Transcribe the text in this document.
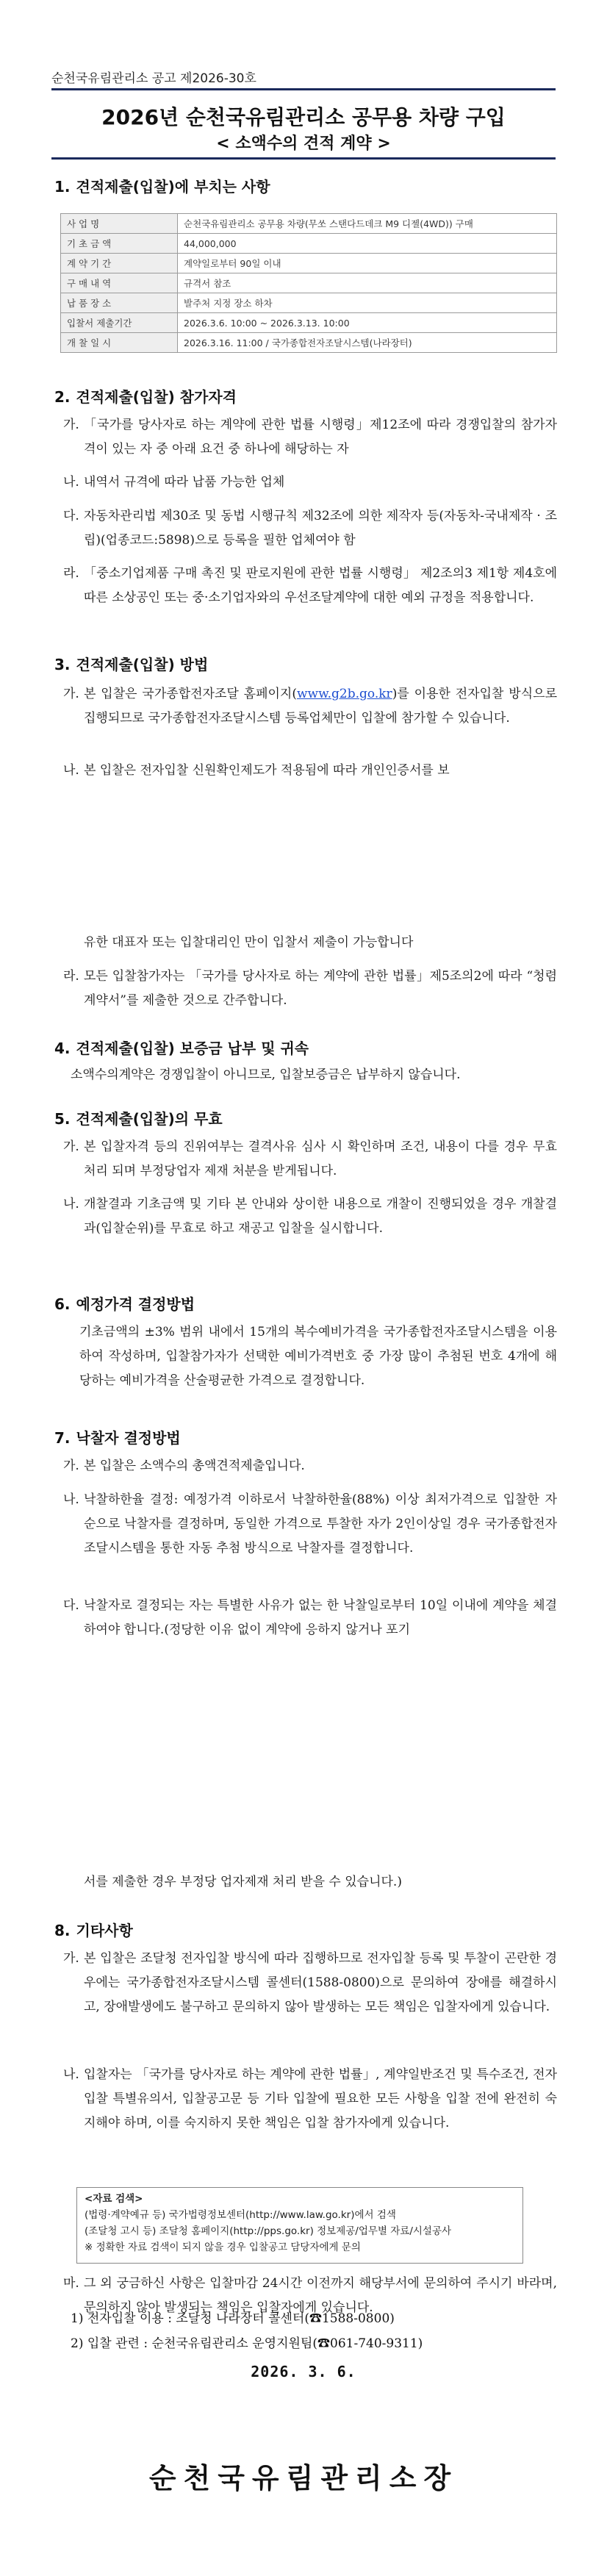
순천국유림관리소 공고 제2026-30호
2026년 순천국유림관리소 공무용 차량 구입
< 소액수의 견적 계약 >
1. 견적제출(입찰)에 부치는 사항
사 업 명	순천국유림관리소 공무용 차량(무쏘 스탠다드데크 M9 디젤(4WD)) 구매
기 초 금 액	44,000,000
계 약 기 간	계약일로부터 90일 이내
구 매 내 역	규격서 참조
납 품 장 소	발주처 지정 장소 하차
입찰서 제출기간	2026.3.6. 10:00 ~ 2026.3.13. 10:00
개 찰 일 시	2026.3.16. 11:00 / 국가종합전자조달시스템(나라장터)
2. 견적제출(입찰) 참가자격
가. 「국가를 당사자로 하는 계약에 관한 법률 시행령」제12조에 따라 경쟁입찰의 참가자격이 있는 자 중 아래 요건 중 하나에 해당하는 자
나. 내역서 규격에 따라 납품 가능한 업체
다. 자동차관리법 제30조 및 동법 시행규칙 제32조에 의한 제작자 등(자동차-국내제작 · 조립)(업종코드:5898)으로 등록을 필한 업체여야 함
라. 「중소기업제품 구매 촉진 및 판로지원에 관한 법률 시행령」 제2조의3 제1항 제4호에 따른 소상공인 또는 중·소기업자와의 우선조달계약에 대한 예외 규정을 적용합니다.
3. 견적제출(입찰) 방법
가. 본 입찰은 국가종합전자조달 홈페이지(www.g2b.go.kr)를 이용한 전자입찰 방식으로 집행되므로 국가종합전자조달시스템 등록업체만이 입찰에 참가할 수 있습니다.
나. 본 입찰은 전자입찰 신원확인제도가 적용됨에 따라 개인인증서를 보
유한 대표자 또는 입찰대리인 만이 입찰서 제출이 가능합니다
라. 모든 입찰참가자는 「국가를 당사자로 하는 계약에 관한 법률」제5조의2에 따라 “청렴계약서”를 제출한 것으로 간주합니다.
4. 견적제출(입찰) 보증금 납부 및 귀속
소액수의계약은 경쟁입찰이 아니므로, 입찰보증금은 납부하지 않습니다.
5. 견적제출(입찰)의 무효
가. 본 입찰자격 등의 진위여부는 결격사유 심사 시 확인하며 조건, 내용이 다를 경우 무효 처리 되며 부정당업자 제재 처분을 받게됩니다.
나. 개찰결과 기초금액 및 기타 본 안내와 상이한 내용으로 개찰이 진행되었을 경우 개찰결과(입찰순위)를 무효로 하고 재공고 입찰을 실시합니다.
6. 예정가격 결정방법
기초금액의 ±3% 범위 내에서 15개의 복수예비가격을 국가종합전자조달시스템을 이용하여 작성하며, 입찰참가자가 선택한 예비가격번호 중 가장 많이 추첨된 번호 4개에 해당하는 예비가격을 산술평균한 가격으로 결정합니다.
7. 낙찰자 결정방법
가. 본 입찰은 소액수의 총액견적제출입니다.
나. 낙찰하한율 결정: 예정가격 이하로서 낙찰하한율(88%) 이상 최저가격으로 입찰한 자 순으로 낙찰자를 결정하며, 동일한 가격으로 투찰한 자가 2인이상일 경우 국가종합전자조달시스템을 통한 자동 추첨 방식으로 낙찰자를 결정합니다.
다. 낙찰자로 결정되는 자는 특별한 사유가 없는 한 낙찰일로부터 10일 이내에 계약을 체결하여야 합니다.(정당한 이유 없이 계약에 응하지 않거나 포기
서를 제출한 경우 부정당 업자제재 처리 받을 수 있습니다.)
8. 기타사항
가. 본 입찰은 조달청 전자입찰 방식에 따라 집행하므로 전자입찰 등록 및 투찰이 곤란한 경우에는 국가종합전자조달시스템 콜센터(1588-0800)으로 문의하여 장애를 해결하시고, 장애발생에도 불구하고 문의하지 않아 발생하는 모든 책임은 입찰자에게 있습니다.
나. 입찰자는 「국가를 당사자로 하는 계약에 관한 법률」, 계약일반조건 및 특수조건, 전자입찰 특별유의서, 입찰공고문 등 기타 입찰에 필요한 모든 사항을 입찰 전에 완전히 숙지해야 하며, 이를 숙지하지 못한 책임은 입찰 참가자에게 있습니다.
<자료 검색>
(법령·계약예규 등) 국가법령정보센터(http://www.law.go.kr)에서 검색
(조달청 고시 등) 조달청 홈페이지(http://pps.go.kr) 정보제공/업무별 자료/시설공사
※ 정확한 자료 검색이 되지 않을 경우 입찰공고 담당자에게 문의
마. 그 외 궁금하신 사항은 입찰마감 24시간 이전까지 해당부서에 문의하여 주시기 바라며, 문의하지 않아 발생되는 책임은 입찰자에게 있습니다.
1) 전자입찰 이용 : 조달청 나라장터 콜센터(☎1588-0800)
2) 입찰 관련 : 순천국유림관리소 운영지원팀(☎061-740-9311)
2026. 3. 6.
순천국유림관리소장
